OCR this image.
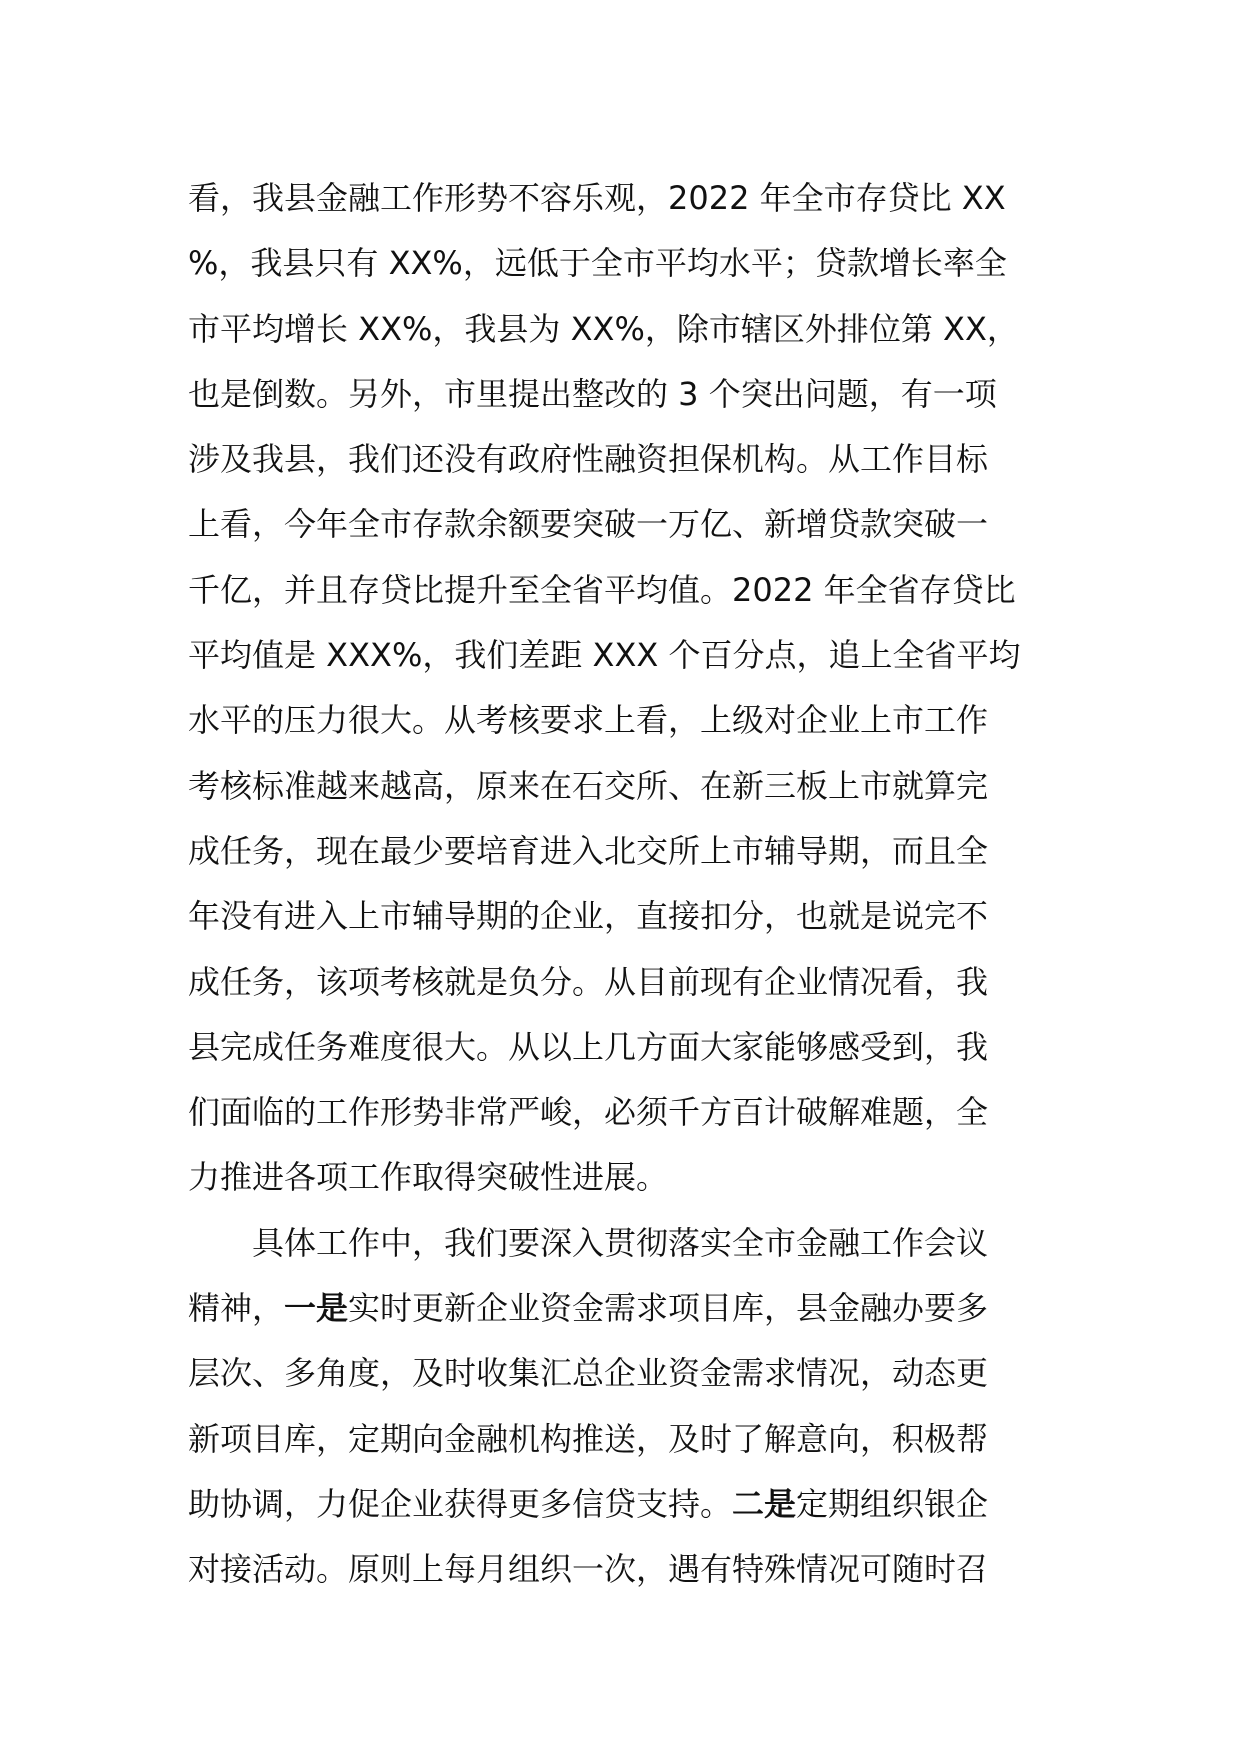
看，我县金融工作形势不容乐观，2022 年全市存贷比 XX
%，我县只有 XX%，远低于全市平均水平；贷款增长率全
市平均增长 XX%，我县为 XX%，除市辖区外排位第 XX，
也是倒数。另外，市里提出整改的 3 个突出问题，有一项
涉及我县，我们还没有政府性融资担保机构。从工作目标
上看，今年全市存款余额要突破一万亿、新增贷款突破一
千亿，并且存贷比提升至全省平均值。2022 年全省存贷比
平均值是 XXX%，我们差距 XXX 个百分点，追上全省平均
水平的压力很大。从考核要求上看，上级对企业上市工作
考核标准越来越高，原来在石交所、在新三板上市就算完
成任务，现在最少要培育进入北交所上市辅导期，而且全
年没有进入上市辅导期的企业，直接扣分，也就是说完不
成任务，该项考核就是负分。从目前现有企业情况看，我
县完成任务难度很大。从以上几方面大家能够感受到，我
们面临的工作形势非常严峻，必须千方百计破解难题，全
力推进各项工作取得突破性进展。
具体工作中，我们要深入贯彻落实全市金融工作会议
精神，一是实时更新企业资金需求项目库，县金融办要多
层次、多角度，及时收集汇总企业资金需求情况，动态更
新项目库，定期向金融机构推送，及时了解意向，积极帮
助协调，力促企业获得更多信贷支持。二是定期组织银企
对接活动。原则上每月组织一次，遇有特殊情况可随时召
